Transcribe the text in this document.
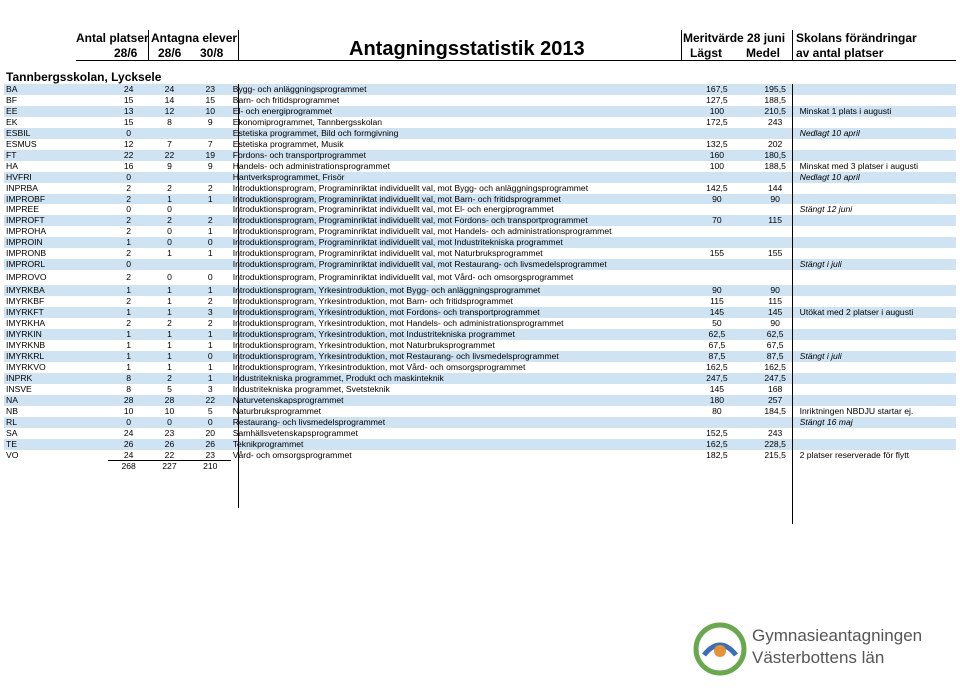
Antal platser Antagna elever
28/6 28/6 30/8	Antagningsstatistik 2013	Meritvärde 28 juni
Lägst Medel
Skolans förändringar
av antal platser
Tannbergsskolan, Lycksele
BA	24	24	23	Bygg- och anläggningsprogrammet	167,5	195,5	
BF	15	14	15	Barn- och fritidsprogrammet	127,5	188,5	
EE	13	12	10	El- och energiprogrammet	100	210,5	Minskat 1 plats i augusti
EK	15	8	9	Ekonomiprogrammet, Tannbergsskolan	172,5	243	
ESBIL	0			Estetiska programmet, Bild och formgivning			Nedlagt 10 april
ESMUS	12	7	7	Estetiska programmet, Musik	132,5	202	
FT	22	22	19	Fordons- och transportprogrammet	160	180,5	
HA	16	9	9	Handels- och administrationsprogrammet	100	188,5	Minskat med 3 platser i augusti
HVFRI	0			Hantverksprogrammet, Frisör			Nedlagt 10 april
INPRBA	2	2	2	Introduktionsprogram, Programinriktat individuellt val, mot Bygg- och anläggningsprogrammet	142,5	144	
IMPROBF	2	1	1	Introduktionsprogram, Programinriktat individuellt val, mot Barn- och fritidsprogrammet	90	90	
IMPREE	0	0		Introduktionsprogram, Programinriktat individuellt val, mot El- och energiprogrammet			Stängt 12 juni
IMPROFT	2	2	2	Introduktionsprogram, Programinriktat individuellt val, mot Fordons- och transportprogrammet	70	115	
IMPROHA	2	0	1	Introduktionsprogram, Programinriktat individuellt val, mot Handels- och administrationsprogrammet			
IMPROIN	1	0	0	Introduktionsprogram, Programinriktat individuellt val, mot Industritekniska programmet			
IMPRONB	2	1	1	Introduktionsprogram, Programinriktat individuellt val, mot Naturbruksprogrammet	155	155	
IMPRORL	0			Introduktionsprogram, Programinriktat individuellt val, mot Restaurang- och livsmedelsprogrammet			Stängt i juli
IMPROVO	2	0	0	Introduktionsprogram, Programinriktat individuellt val, mot Vård- och omsorgsprogrammet			
IMYRKBA	1	1	1	Introduktionsprogram, Yrkesintroduktion, mot Bygg- och anläggningsprogrammet	90	90	
IMYRKBF	2	1	2	Introduktionsprogram, Yrkesintroduktion, mot Barn- och fritidsprogrammet	115	115	
IMYRKFT	1	1	3	Introduktionsprogram, Yrkesintroduktion, mot Fordons- och transportprogrammet	145	145	Utökat med 2 platser i augusti
IMYRKHA	2	2	2	Introduktionsprogram, Yrkesintroduktion, mot Handels- och administrationsprogrammet	50	90	
IMYRKIN	1	1	1	Introduktionsprogram, Yrkesintroduktion, mot Industritekniska programmet	62,5	62,5	
IMYRKNB	1	1	1	Introduktionsprogram, Yrkesintroduktion, mot Naturbruksprogrammet	67,5	67,5	
IMYRKRL	1	1	0	Introduktionsprogram, Yrkesintroduktion, mot Restaurang- och livsmedelsprogrammet	87,5	87,5	Stängt i juli
IMYRKVO	1	1	1	Introduktionsprogram, Yrkesintroduktion, mot Vård- och omsorgsprogrammet	162,5	162,5	
INPRK	8	2	1	Industritekniska programmet, Produkt och maskinteknik	247,5	247,5	
INSVE	8	5	3	Industritekniska programmet, Svetsteknik	145	168	
NA	28	28	22	Naturvetenskapsprogrammet	180	257	
NB	10	10	5	Naturbruksprogrammet	80	184,5	Inriktningen NBDJU startar ej.
RL	0	0	0	Restaurang- och livsmedelsprogrammet			Stängt 16 maj
SA	24	23	20	Samhällsvetenskapsprogrammet	152,5	243	
TE	26	26	26	Teknikprogrammet	162,5	228,5	
VO	24	22	23	Vård- och omsorgsprogrammet	182,5	215,5	2 platser reserverade för flytt
	268	227	210				
Gymnasieantagningen
Västerbottens län
